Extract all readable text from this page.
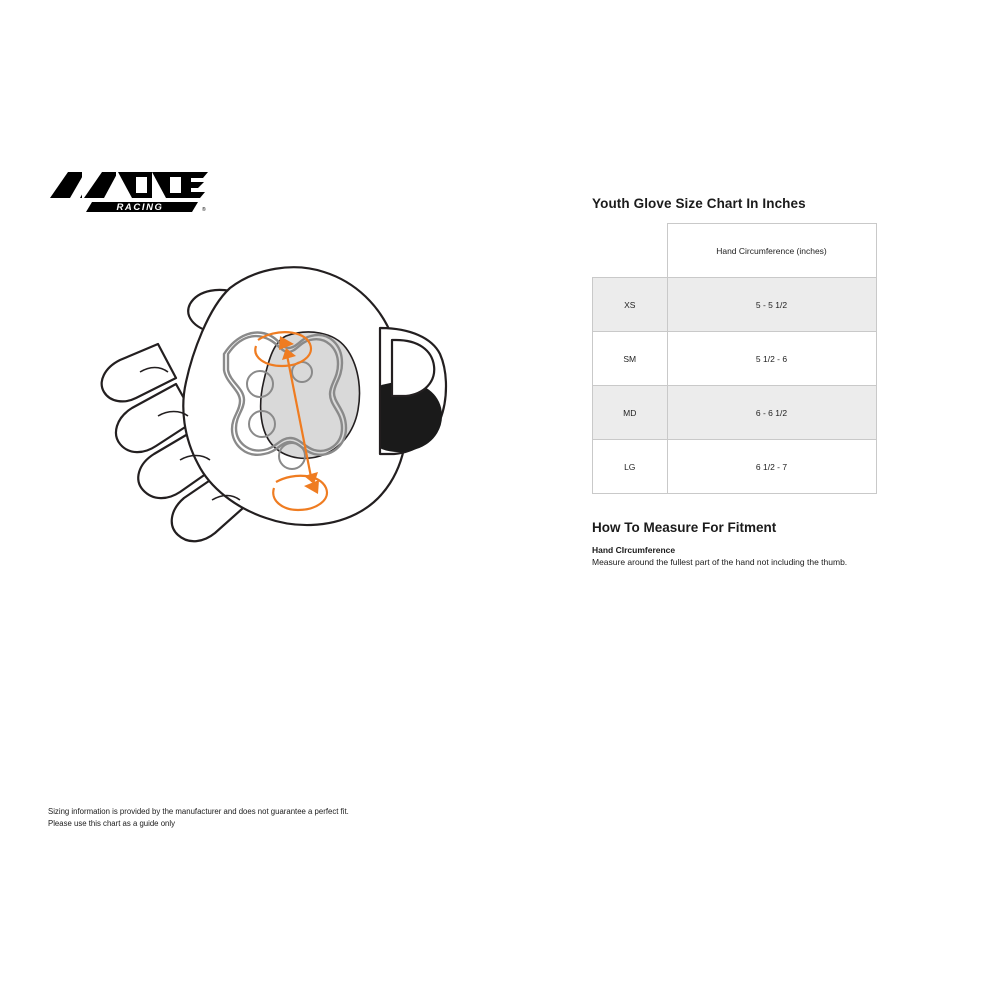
RACING	®	Youth Glove Size Chart In Inches
	Hand Circumference (inches)
XS	5 - 5 1/2
SM	5 1/2 - 6
MD	6 - 6 1/2
LG	6 1/2 - 7
How To Measure For Fitment
Hand CIrcumference
Measure around the fullest part of the hand not including the thumb.
Sizing information is provided by the manufacturer and does not guarantee a perfect fit.
Please use this chart as a guide only
